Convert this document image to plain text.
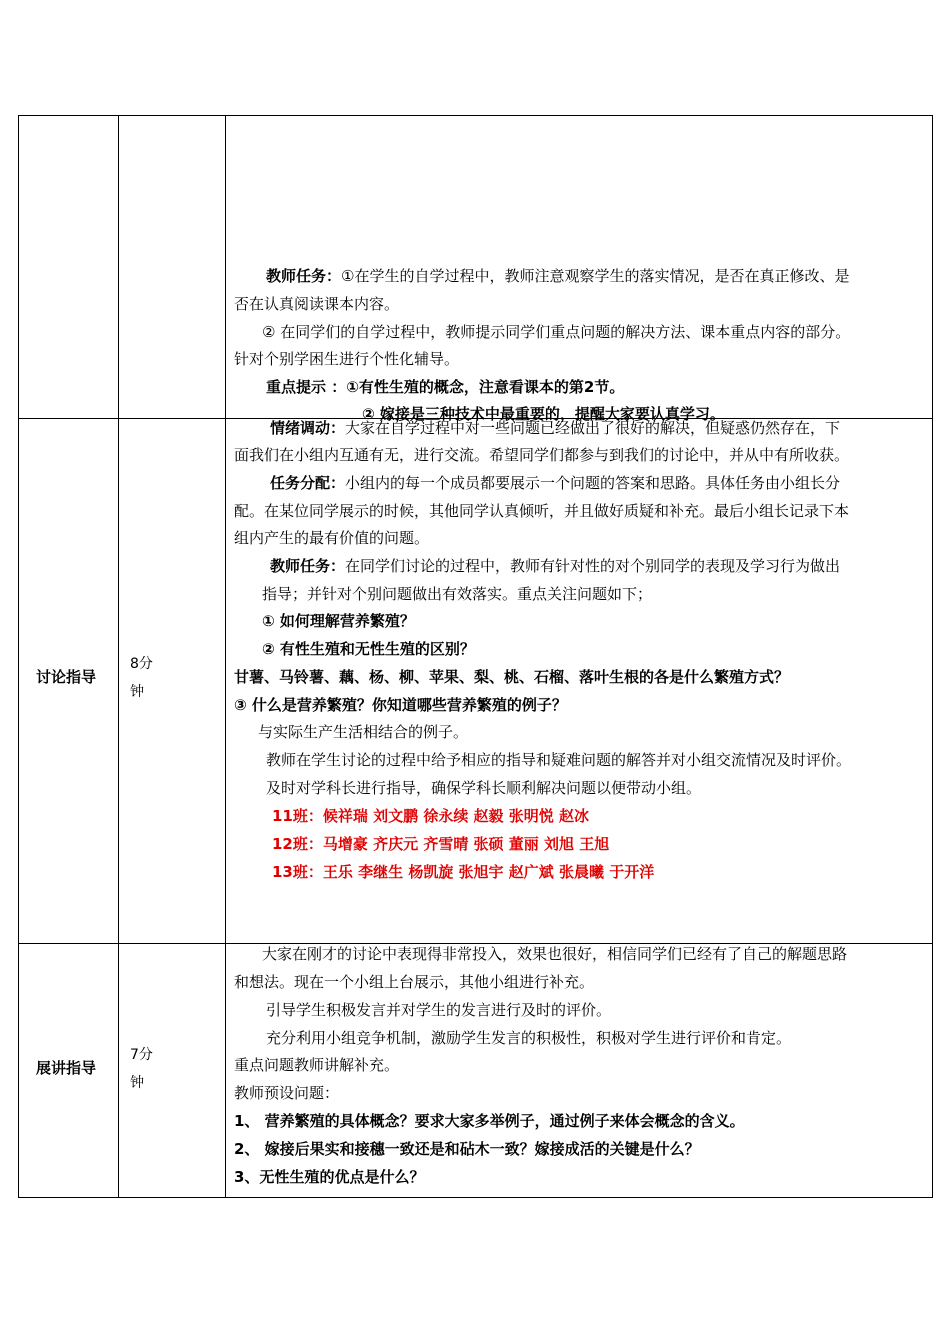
教师任务：①在学生的自学过程中，教师注意观察学生的落实情况，是否在真正修改、是
否在认真阅读课本内容。
② 在同学们的自学过程中，教师提示同学们重点问题的解决方法、课本重点内容的部分。
针对个别学困生进行个性化辅导。
重点提示 ：①有性生殖的概念，注意看课本的第2节。
② 嫁接是三种技术中最重要的，提醒大家要认真学习。
讨论指导
8分
钟
情绪调动：大家在自学过程中对一些问题已经做出了很好的解决，但疑惑仍然存在，下
面我们在小组内互通有无，进行交流。希望同学们都参与到我们的讨论中，并从中有所收获。
任务分配：小组内的每一个成员都要展示一个问题的答案和思路。具体任务由小组长分
配。在某位同学展示的时候，其他同学认真倾听，并且做好质疑和补充。最后小组长记录下本
组内产生的最有价值的问题。
教师任务：在同学们讨论的过程中，教师有针对性的对个别同学的表现及学习行为做出
指导；并针对个别问题做出有效落实。重点关注问题如下；
① 如何理解营养繁殖？
② 有性生殖和无性生殖的区别？
甘薯、马铃薯、藕、杨、柳、苹果、梨、桃、石榴、落叶生根的各是什么繁殖方式？
③ 什么是营养繁殖？你知道哪些营养繁殖的例子？
与实际生产生活相结合的例子。
教师在学生讨论的过程中给予相应的指导和疑难问题的解答并对小组交流情况及时评价。
及时对学科长进行指导，确保学科长顺利解决问题以便带动小组。
11班：候祥瑞 刘文鹏 徐永续 赵毅 张明悦 赵冰
12班：马增豪 齐庆元 齐雪晴 张硕 董丽 刘旭 王旭
13班：王乐 李继生 杨凯旋 张旭宇 赵广斌 张晨曦 于开洋
展讲指导
7分
钟
大家在刚才的讨论中表现得非常投入，效果也很好，相信同学们已经有了自己的解题思路
和想法。现在一个小组上台展示，其他小组进行补充。
引导学生积极发言并对学生的发言进行及时的评价。
充分利用小组竞争机制，激励学生发言的积极性，积极对学生进行评价和肯定。
重点问题教师讲解补充。
教师预设问题：
1、 营养繁殖的具体概念？要求大家多举例子，通过例子来体会概念的含义。
2、 嫁接后果实和接穗一致还是和砧木一致？嫁接成活的关键是什么？
3、无性生殖的优点是什么？
